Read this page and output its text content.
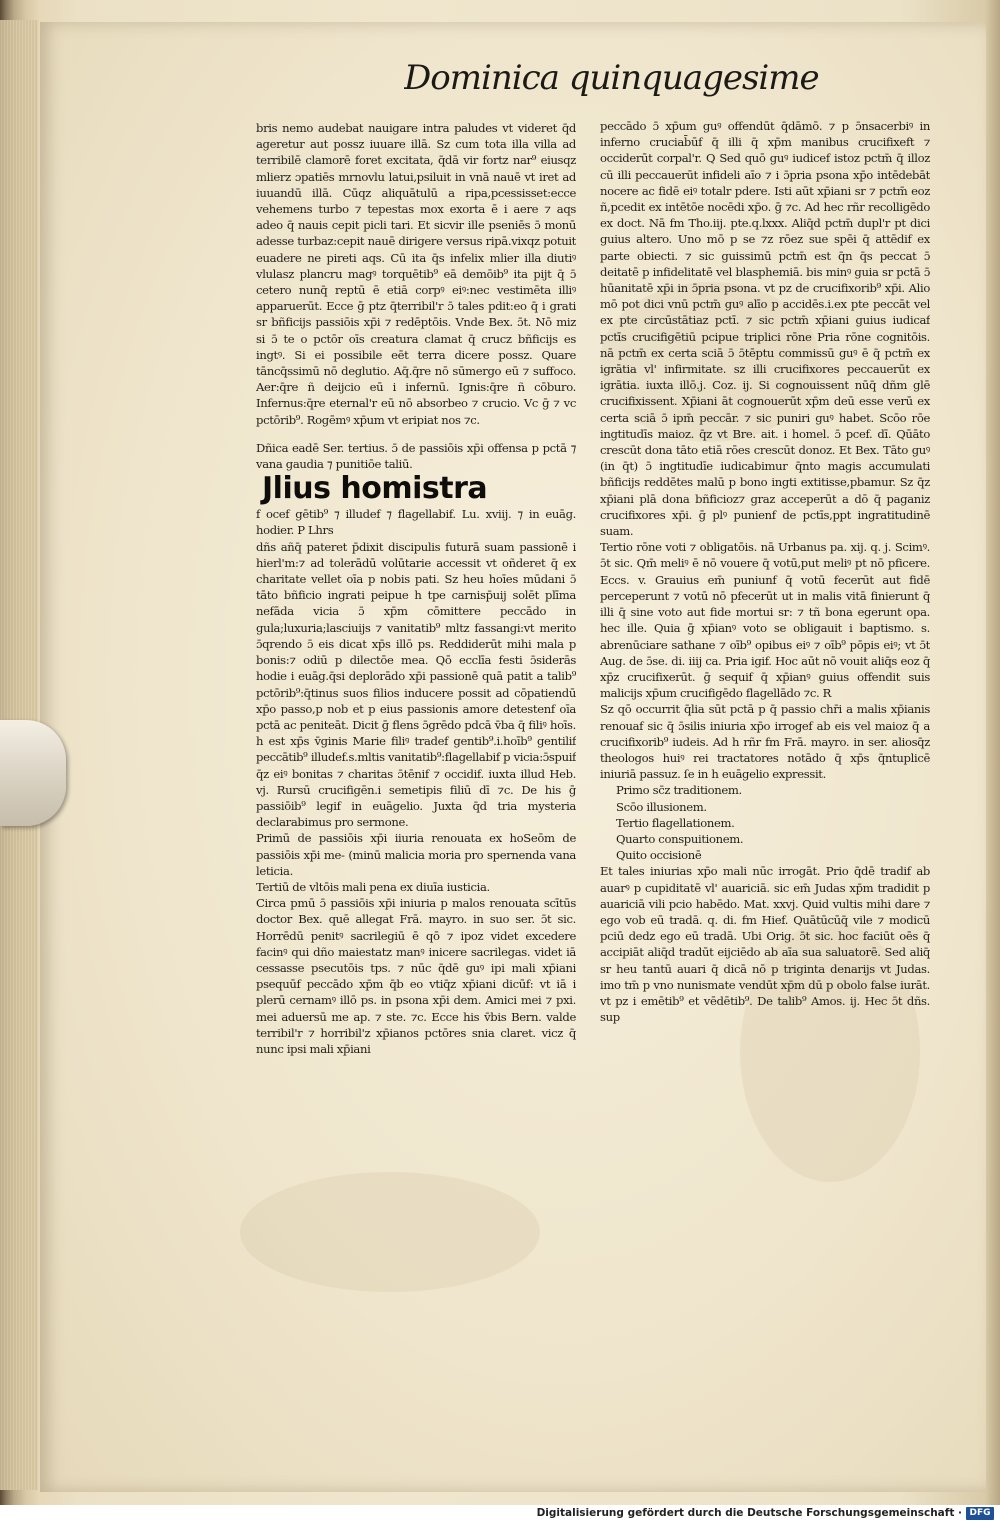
Dominica quinquagesime

bris nemo audebat nauigare intra paludes vt videret q̄d ageretur aut possz iuuare illā. Sz cum tota illa villa ad terribilē clamorē foret excitata, q̄dā vir fortz nar⁹ eiusqz mlierz ɔpatiēs mrnovlu latui,psiluit in vnā nauē vt iret ad iuuandū illā. Cūqz aliquātulū a ripa,pcessisset:ecce vehemens turbo ⁊ tepestas mox exorta ē i aere ⁊ aqs adeo q̄ nauis cepit picli tari. Et sicvir ille pseniēs ɔ̄ monū adesse turbaz:cepit nauē dirigere versus ripā.vixqz potuit euadere ne pireti aqs. Cū ita q̄s infelix mlier illa diutiꝰ vlulasz plancru magꝰ torquētib⁹ eā demōib⁹ ita pijt q̄ ɔ̄ cetero nunq̄ reptū ē etiā corpꝰ eiꝰ:nec vestimēta illiꝰ apparuerūt. Ecce ḡ ptz q̄terribil'r ɔ̄ tales pdit:eo q̄ i grati sr bñficijs passiōis xp̄i ⁊ redēptōis. Vnde Bex. ɔ̄t. Nō miz si ɔ̄ te o pctōr oīs creatura clamat q̄ crucz bñficijs es ingtꝰ. Si ei possibile eēt terra dicere possz. Quare tāncq̄ssimū nō deglutio. Aq̄.q̄re nō sūmergo eū ⁊ suffoco. Aer:q̄re ñ deijcio eū i infernū. Ignis:q̄re ñ cōburo. Infernus:q̄re eternal'r eū nō absorbeo ⁊ crucio. Vc ḡ ⁊ vc pctōrib⁹. Rogēmꝰ xp̄um vt eripiat nos ⁊c.

Dñica eadē Ser. tertius. ɔ̄ de passiōis xp̄i offensa p pctā ⁊ vana gaudia ⁊ punitiōe taliū.

Jlius homistra

f ocef gētib⁹ ⁊ illudef ⁊ flagellabif. Lu. xviij. ⁊ in euāg. hodier. P Lhrs

dñs añq̄ pateret p̄dixit discipulis futurā suam passionē i hierl'm:⁊ ad tolerādū volūtarie accessit vt oñderet q̄ ex charitate vellet oīa p nobis pati. Sz heu hoīes mūdani ɔ̄ tāto bñficio ingrati peipue h tpe carnisp̄uij solēt plīma nefāda vicia ɔ̄ xp̄m cōmittere peccādo in gula;luxuria;lasciuijs ⁊ vanitatib⁹ mltz fassangi:vt merito ɔ̄qrendo ɔ̄ eis dicat xp̄s illō ps. Reddiderūt mihi mala p bonis:⁊ odiū p dilectōe mea. Qō ecclīa festi ɔ̄siderās hodie i euāg.q̄si deplorādo xp̄i passionē quā patit a talib⁹ pctōrib⁹:q̄tinus suos filios inducere possit ad cōpatiendū xp̄o passo,p nob et p eius passionis amore detestenf oīa pctā ac peniteāt. Dicit ḡ flens ɔ̄grēdo pdcā v̄ba q̄ filiꝰ hoīs. h est xp̄s v̄ginis Marie filiꝰ tradef gentib⁹.i.hoīb⁹ gentilif peccātib⁹ illudef.s.mltis vanitatib⁹:flagellabif p vicia:ɔ̄spuif q̄z eiꝰ bonitas ⁊ charitas ɔ̄tēnif ⁊ occidif. iuxta illud Heb. vj. Rursū crucifigēn.i semetipis filiū dī ⁊c. De his ḡ passiōib⁹ legif in euāgelio. Juxta q̄d tria mysteria declarabimus pro sermone.

Primū de passiōis xp̄i iiuria renouata ex hoSeōm de passiōis xp̄i me- (minū malicia moria pro spernenda vana leticia.

Tertiū de vltōis mali pena ex diuīa iusticia.

Circa pmū ɔ̄ passiōis xp̄i iniuria p malos renouata scītūs doctor Bex. quē allegat Frā. mayro. in suo ser. ɔ̄t sic. Horrēdū penitꝰ sacrilegiū ē qō ⁊ ipoz videt excedere facinꝰ qui dño maiestatz manꝰ inicere sacrilegas. videt iā cessasse psecutōis tps. ⁊ nūc q̄dē guꝰ ipi mali xp̄iani psequūf peccādo xp̄m q̄b eo vtiq̄z xp̄iani dicūf: vt iā i plerū cernamꝰ illō ps. in psona xp̄i dem. Amici mei ⁊ pxi. mei aduersū me ap. ⁊ ste. ⁊c. Ecce his v̄bis Bern. valde terribil'r ⁊ horribil'z xp̄ianos pctōres snia claret. vicz q̄ nunc ipsi mali xp̄iani

peccādo ɔ̄ xp̄um guꝰ offendūt q̄dāmō. ⁊ p ɔ̄nsacerbiꝰ in inferno cruciab̄ūf q̄ illi q̄ xp̄m manibus crucifixeft ⁊ occiderūt corpal'r. Q Sed quō guꝰ iudicef istoz pctm̄ q̄ illoz cū illi peccauerūt infideli aīo ⁊ i ɔ̄pria psona xp̄o intēdebāt nocere ac fidē eiꝰ totalr pdere. Isti aūt xp̄iani sr ⁊ pctm̄ eoz ñ,pcedit ex intētōe nocēdi xp̄o. ḡ ⁊c. Ad hec rñr recolligēdo ex doct. Nā fm Tho.iij. pte.q.lxxx. Aliq̄d pctm̄ dupl'r pt dici guius altero. Uno mō p se ⁊z rōez sue spēi q̄ attēdif ex parte obiecti. ⁊ sic guissimū pctm̄ est q̄n q̄s peccat ɔ̄ deitatē p infidelitatē vel blasphemiā. bis minꝰ guia sr pctā ɔ̄ hūanitatē xp̄i in ɔ̄pria psona. vt pz de crucifixorib⁹ xp̄i. Alio mō pot dici vnū pctm̄ guꝰ alīo p accidēs.i.ex pte peccāt vel ex pte circūstātiaz pctī. ⁊ sic pctm̄ xp̄iani guius iudicaf pctīs crucifigētiū pcipue triplici rōne Pria rōne cognitōis. nā pctm̄ ex certa sciā ɔ̄ ɔ̄tēptu commissū guꝰ ē q̄ pctm̄ ex igrātia vl' infirmitate. sz illi crucifixores peccauerūt ex igrātia. iuxta illō.j. Coz. ij. Si cognouissent nūq̄ dñm glē crucifixissent. Xp̄iani āt cognouerūt xp̄m deū esse verū ex certa sciā ɔ̄ ipm̄ peccār. ⁊ sic puniri guꝰ habet. Scōo rōe ingtitudīs maioz. q̄z vt Bre. ait. i homel. ɔ̄ pcef. dī. Qūāto crescūt dona tāto etiā rōes crescūt donoz. Et Bex. Tāto guꝰ (in q̄t) ɔ̄ ingtitudīe iudicabimur q̄nto magis accumulati bñficijs reddētes malū p bono ingti extitisse,pbamur. Sz q̄z xp̄iani plā dona bñficioz⁊ graz acceperūt a dō q̄ paganiz crucifixores xp̄i. ḡ plꝰ punienf de pctīs,ppt ingratitudinē suam.

Tertio rōne voti ⁊ obligatōis. nā Urbanus pa. xij. q. j. Scimꝰ. ɔ̄t sic. Qm̄ meliꝰ ē nō vouere q̄ votū,put meliꝰ pt nō pficere. Eccs. v. Grauius em̄ puniunf q̄ votū fecerūt aut fidē perceperunt ⁊ votū nō pfecerūt ut in malis vitā finierunt q̄ illi q̄ sine voto aut fide mortui sr: ⁊ tñ bona egerunt opa. hec ille. Quia ḡ xp̄ianꝰ voto se obligauit i baptismo. s. abrenūciare sathane ⁊ oīb⁹ opibus eiꝰ ⁊ oīb⁹ pōpis eiꝰ; vt ɔ̄t Aug. de ɔ̄se. di. iiij ca. Pria igif. Hoc aūt nō vouit aliq̄s eoz q̄ xp̄z crucifixerūt. ḡ sequif q̄ xp̄ianꝰ guius offendit suis malicijs xp̄um crucifigēdo flagellādo ⁊c. R

Sz qō occurrit q̄lia sūt pctā p q̄ passio chr̄i a malis xp̄ianis renouaf sic q̄ ɔ̄silis iniuria xp̄o irrogef ab eis vel maioz q̄ a crucifixorib⁹ iudeis. Ad h rñr fm Frā. mayro. in ser. aliosq̄z theologos huiꝰ rei tractatores notādo q̄ xp̄s q̄ntuplicē iniuriā passuz. ſe in h euāgelio expressit.

Primo sc̄z traditionem.

Scōo illusionem.

Tertio flagellationem.

Quarto conspuitionem.

Quito occisionē

Et tales iniurias xp̄o mali nūc irrogāt. Prio q̄dē tradif ab auarꝰ p cupiditatē vl' auariciā. sic em̄ Judas xp̄m tradidit p auariciā vili pcio habēdo. Mat. xxvj. Quid vultis mihi dare ⁊ ego vob eū tradā. q. di. fm Hief. Quātūcūq̄ vile ⁊ modicū pciū dedz ego eū tradā. Ubi Orig. ɔ̄t sic. hoc faciūt oēs q̄ accipiāt aliq̄d tradūt eijciēdo ab aīa sua saluatorē. Sed aliq̄ sr heu tantū auari q̄ dicā nō p triginta denarijs vt Judas. imo tm̄ p vno nunismate vendūt xp̄m dū p obolo false iurāt. vt pz i emētib⁹ et vēdētib⁹. De talib⁹ Amos. ij. Hec ɔ̄t dñs. sup

Digitalisierung gefördert durch die Deutsche Forschungsgemeinschaft · DFG
